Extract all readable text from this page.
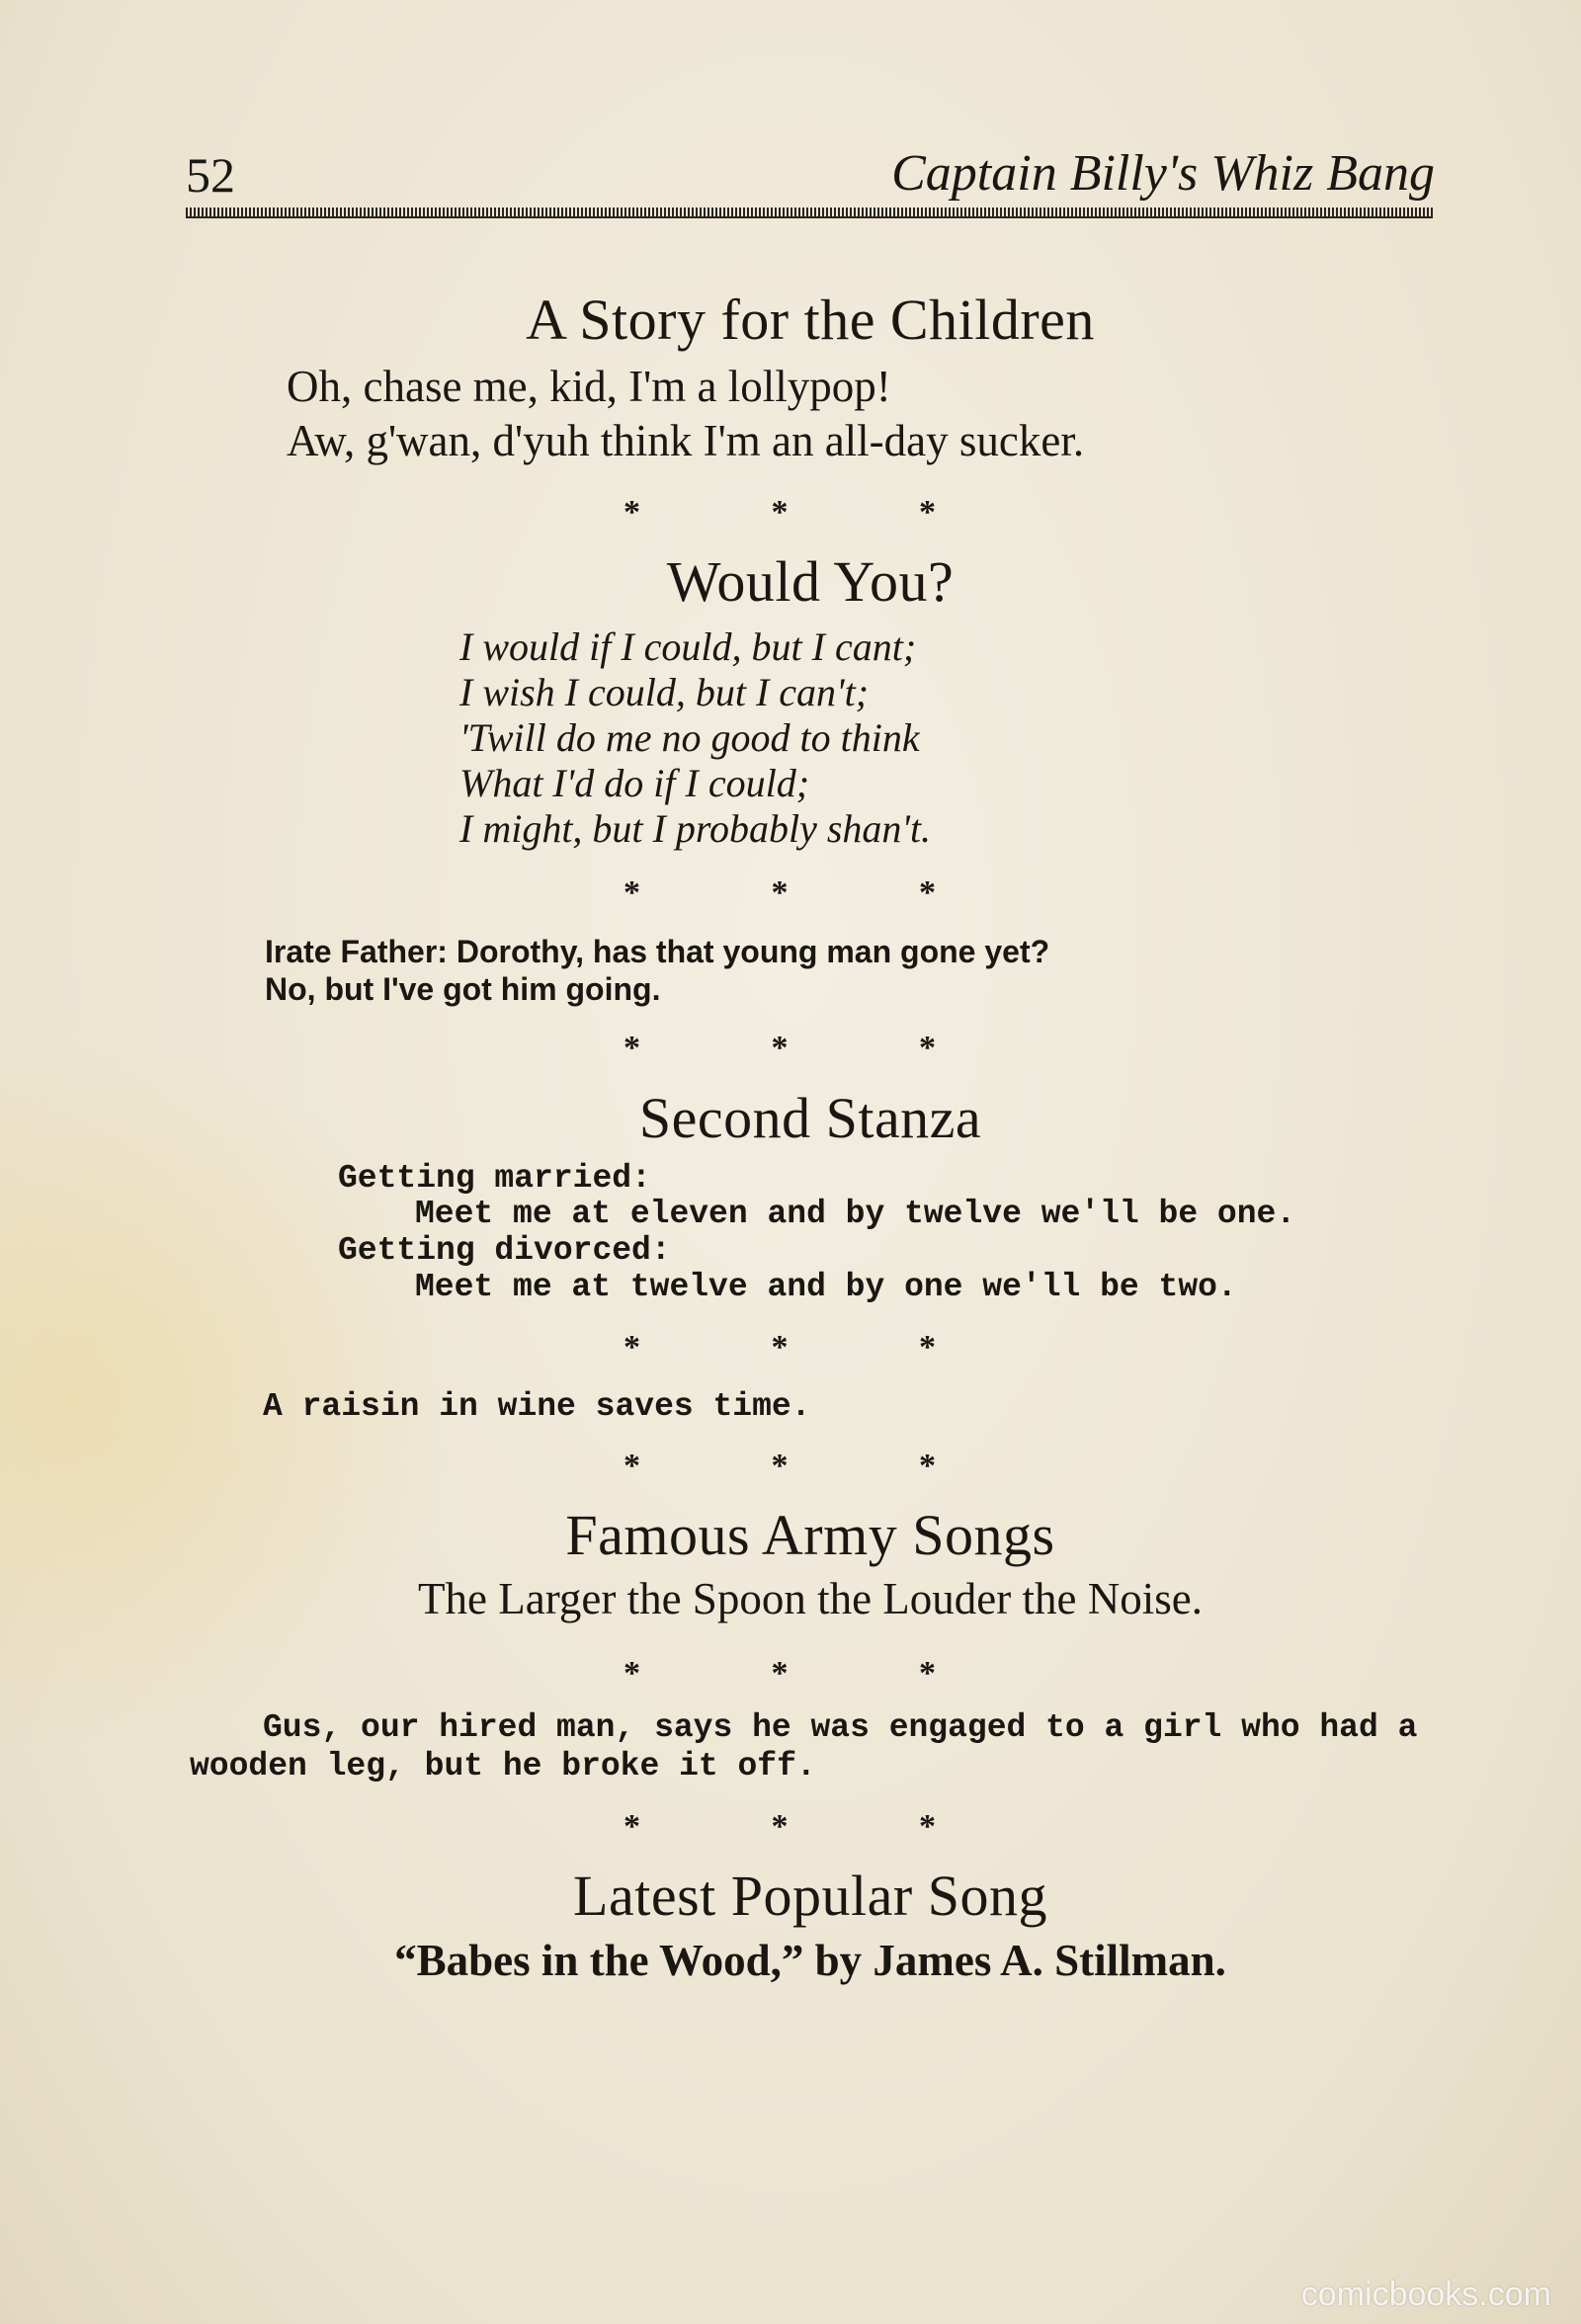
52	Captain Billy's Whiz Bang
A Story for the Children
Oh, chase me, kid, I'm a lollypop!
Aw, g'wan, d'yuh think I'm an all-day sucker.
* * *
Would You?
I would if I could, but I cant;
I wish I could, but I can't;
'Twill do me no good to think
What I'd do if I could;
I might, but I probably shan't.
* * *
Irate Father: Dorothy, has that young man gone yet?
No, but I've got him going.
* * *
Second Stanza
Getting married:
Meet me at eleven and by twelve we'll be one.
Getting divorced:
Meet me at twelve and by one we'll be two.
* * *
A raisin in wine saves time.
* * *
Famous Army Songs
The Larger the Spoon the Louder the Noise.
* * *
Gus, our hired man, says he was engaged to a girl who had a
wooden leg, but he broke it off.
* * *
Latest Popular Song
“Babes in the Wood,” by James A. Stillman.
comicbooks.com
